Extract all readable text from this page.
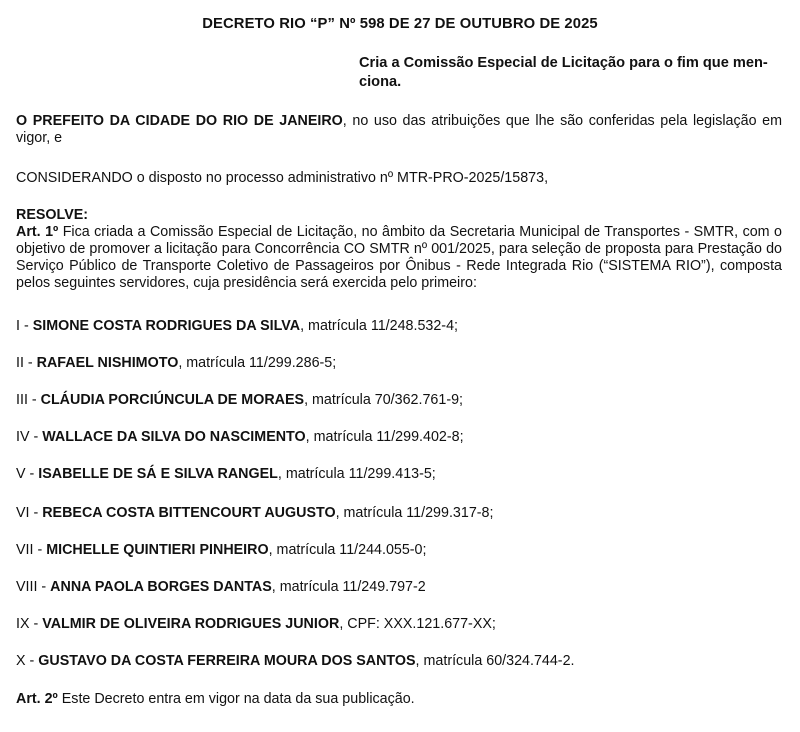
DECRETO RIO “P” Nº 598 DE 27 DE OUTUBRO DE 2025
Cria a Comissão Especial de Licitação para o fim que men-
ciona.
O PREFEITO DA CIDADE DO RIO DE JANEIRO, no uso das atribuições que lhe são conferidas pela legislação em vigor, e
CONSIDERANDO o disposto no processo administrativo nº MTR-PRO-2025/15873,
RESOLVE:
Art. 1º Fica criada a Comissão Especial de Licitação, no âmbito da Secretaria Municipal de Transportes - SMTR, com o objetivo de promover a licitação para Concorrência CO SMTR nº 001/2025, para seleção de proposta para Prestação do Serviço Público de Transporte Coletivo de Passageiros por Ônibus - Rede Integrada Rio (“SISTEMA RIO”), composta pelos seguintes servidores, cuja presidência será exercida pelo primeiro:
I - SIMONE COSTA RODRIGUES DA SILVA, matrícula 11/248.532-4;
II - RAFAEL NISHIMOTO, matrícula 11/299.286-5;
III - CLÁUDIA PORCIÚNCULA DE MORAES, matrícula 70/362.761-9;
IV - WALLACE DA SILVA DO NASCIMENTO, matrícula 11/299.402-8;
V - ISABELLE DE SÁ E SILVA RANGEL, matrícula 11/299.413-5;
VI - REBECA COSTA BITTENCOURT AUGUSTO, matrícula 11/299.317-8;
VII - MICHELLE QUINTIERI PINHEIRO, matrícula 11/244.055-0;
VIII - ANNA PAOLA BORGES DANTAS, matrícula 11/249.797-2
IX - VALMIR DE OLIVEIRA RODRIGUES JUNIOR, CPF: XXX.121.677-XX;
X - GUSTAVO DA COSTA FERREIRA MOURA DOS SANTOS, matrícula 60/324.744-2.
Art. 2º Este Decreto entra em vigor na data da sua publicação.
